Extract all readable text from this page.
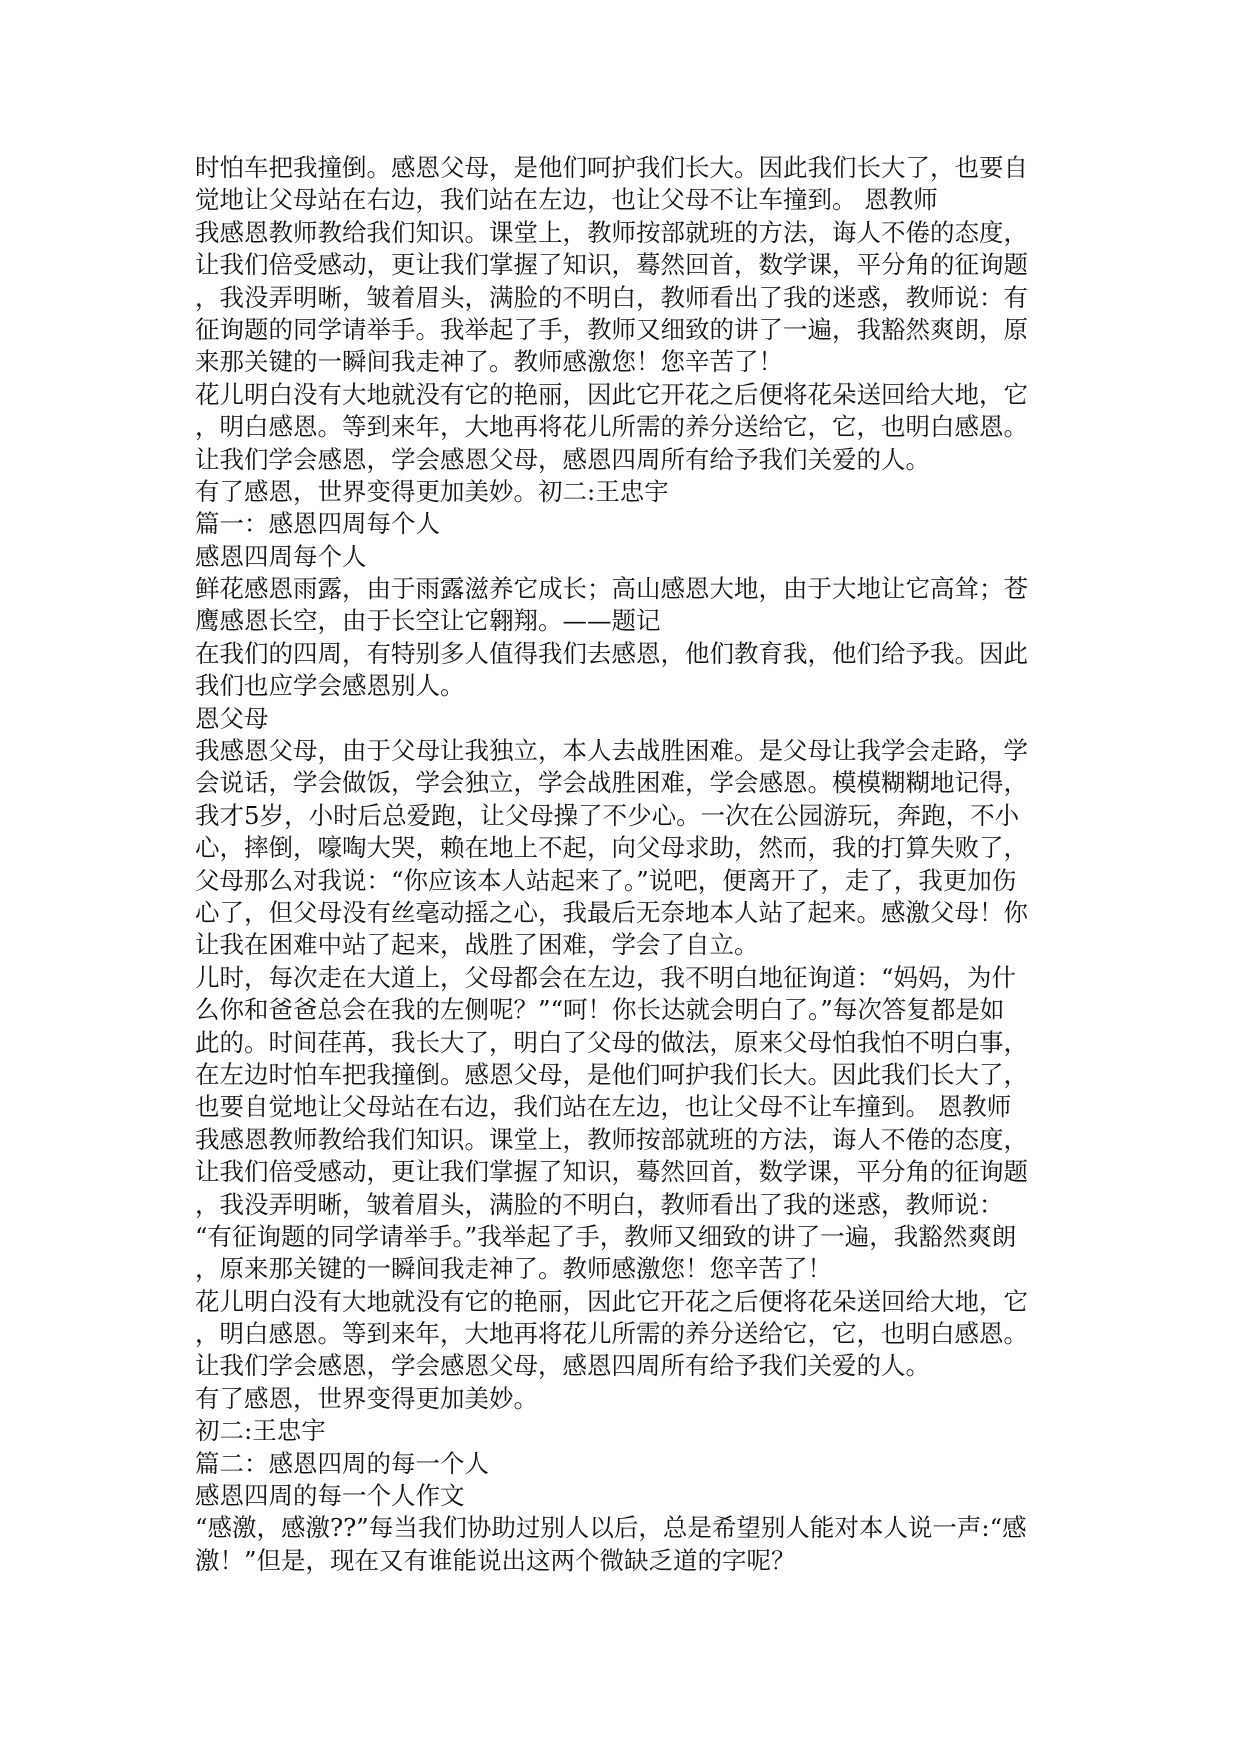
时怕车把我撞倒。感恩父母，是他们呵护我们长大。因此我们长大了，也要自
觉地让父母站在右边，我们站在左边，也让父母不让车撞到。 恩教师
我感恩教师教给我们知识。课堂上，教师按部就班的方法，诲人不倦的态度，
让我们倍受感动，更让我们掌握了知识，蓦然回首，数学课，平分角的征询题
，我没弄明晰，皱着眉头，满脸的不明白，教师看出了我的迷惑，教师说：有
征询题的同学请举手。我举起了手，教师又细致的讲了一遍，我豁然爽朗，原
来那关键的一瞬间我走神了。教师感激您！您辛苦了！
花儿明白没有大地就没有它的艳丽，因此它开花之后便将花朵送回给大地，它
，明白感恩。等到来年，大地再将花儿所需的养分送给它，它，也明白感恩。
让我们学会感恩，学会感恩父母，感恩四周所有给予我们关爱的人。
有了感恩，世界变得更加美妙。初二:王忠宇
篇一：感恩四周每个人
感恩四周每个人
鲜花感恩雨露，由于雨露滋养它成长；高山感恩大地，由于大地让它高耸；苍
鹰感恩长空，由于长空让它翱翔。——题记
在我们的四周，有特别多人值得我们去感恩，他们教育我，他们给予我。因此
我们也应学会感恩别人。
恩父母
我感恩父母，由于父母让我独立，本人去战胜困难。是父母让我学会走路，学
会说话，学会做饭，学会独立，学会战胜困难，学会感恩。模模糊糊地记得，
我才5岁，小时后总爱跑，让父母操了不少心。一次在公园游玩，奔跑，不小
心，摔倒，嚎啕大哭，赖在地上不起，向父母求助，然而，我的打算失败了，
父母那么对我说：“你应该本人站起来了。”说吧，便离开了，走了，我更加伤
心了，但父母没有丝毫动摇之心，我最后无奈地本人站了起来。感激父母！你
让我在困难中站了起来，战胜了困难，学会了自立。
儿时，每次走在大道上，父母都会在左边，我不明白地征询道：“妈妈，为什
么你和爸爸总会在我的左侧呢？”“呵！你长达就会明白了。”每次答复都是如
此的。时间荏苒，我长大了，明白了父母的做法，原来父母怕我怕不明白事，
在左边时怕车把我撞倒。感恩父母，是他们呵护我们长大。因此我们长大了，
也要自觉地让父母站在右边，我们站在左边，也让父母不让车撞到。 恩教师
我感恩教师教给我们知识。课堂上，教师按部就班的方法，诲人不倦的态度，
让我们倍受感动，更让我们掌握了知识，蓦然回首，数学课，平分角的征询题
，我没弄明晰，皱着眉头，满脸的不明白，教师看出了我的迷惑，教师说：
“有征询题的同学请举手。”我举起了手，教师又细致的讲了一遍，我豁然爽朗
，原来那关键的一瞬间我走神了。教师感激您！您辛苦了！
花儿明白没有大地就没有它的艳丽，因此它开花之后便将花朵送回给大地，它
，明白感恩。等到来年，大地再将花儿所需的养分送给它，它，也明白感恩。
让我们学会感恩，学会感恩父母，感恩四周所有给予我们关爱的人。
有了感恩，世界变得更加美妙。
初二:王忠宇
篇二：感恩四周的每一个人
感恩四周的每一个人作文
“感激，感激??”每当我们协助过别人以后，总是希望别人能对本人说一声:“感
激！”但是，现在又有谁能说出这两个微缺乏道的字呢？
